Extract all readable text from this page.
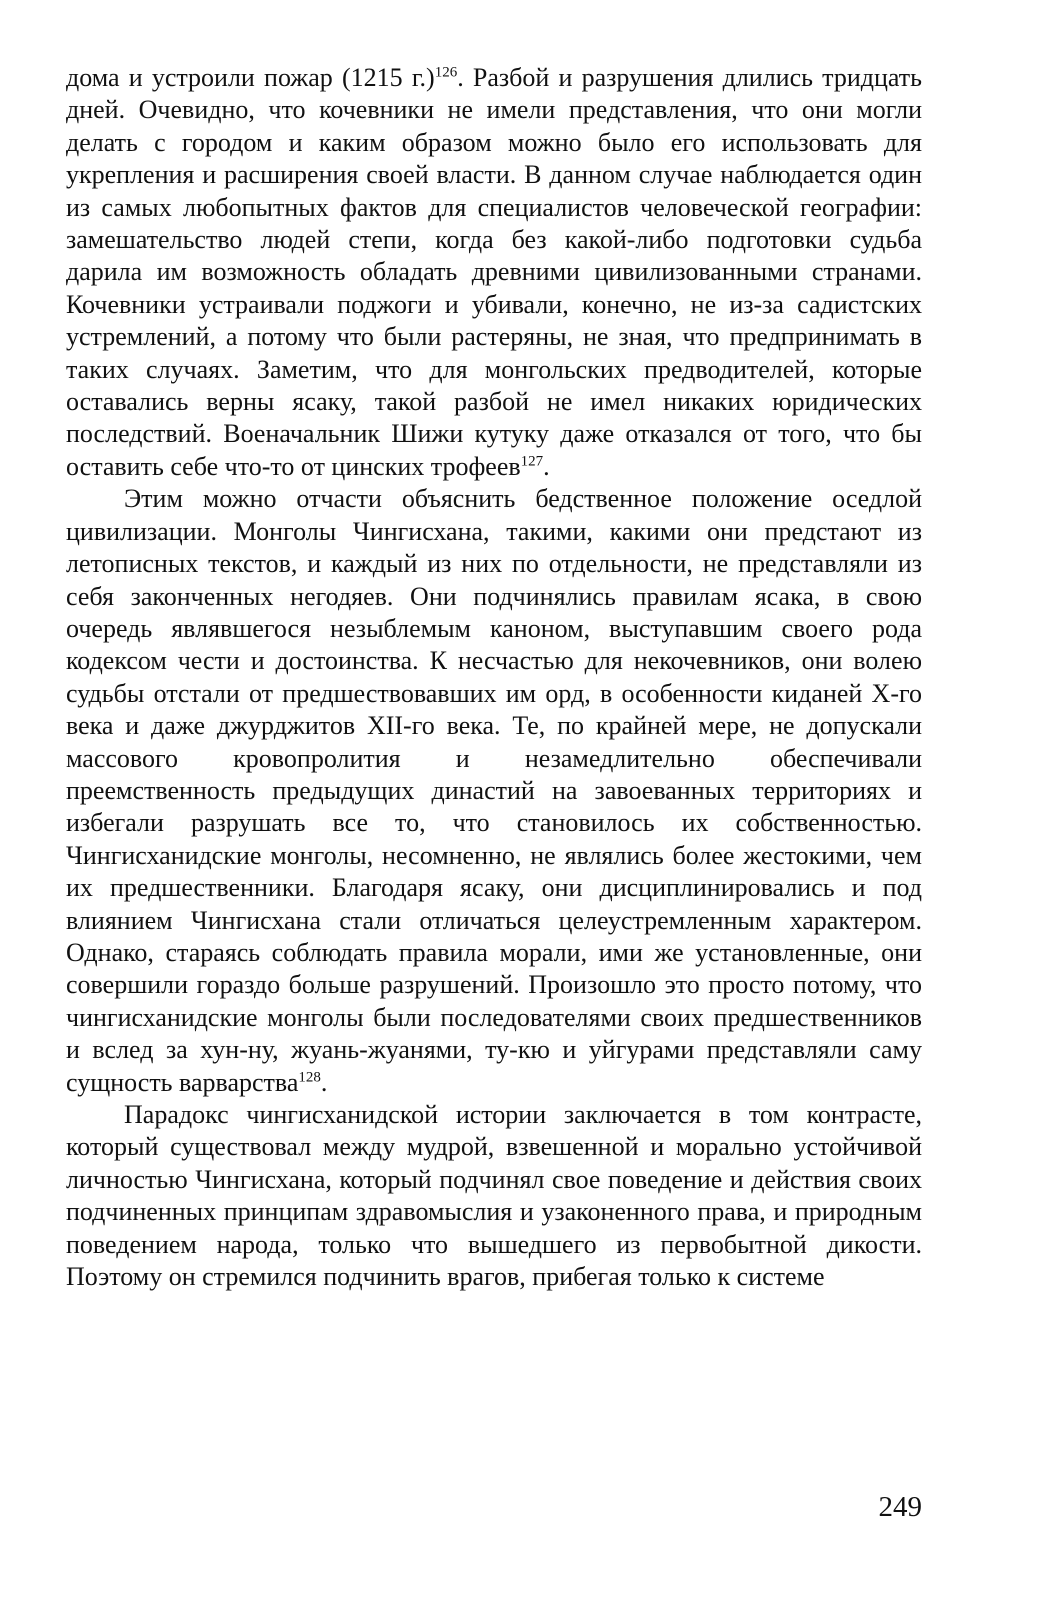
дома и устроили пожар (1215 г.)$^{126}$. Разбой и разрушения длились тридцать дней. Очевидно, что кочевники не имели представления, что они могли делать с городом и каким образом можно было его использовать для укрепления и расширения своей власти. В данном случае наблюдается один из самых любопытных фактов для специалистов человеческой географии: замешательство людей степи, когда без какой-либо подготовки судьба дарила им возможность обладать древними цивилизованными странами. Кочевники устраивали поджоги и убивали, конечно, не из-за садистских устремлений, а потому что были растеряны, не зная, что предпринимать в таких случаях. Заметим, что для монгольских предводителей, которые оставались верны ясаку, такой разбой не имел никаких юридических последствий. Военачальник Шижи кутуку даже отказался от того, что бы оставить себе что-то от цинских трофеев$^{127}$.

Этим можно отчасти объяснить бедственное положение оседлой цивилизации. Монголы Чингисхана, такими, какими они предстают из летописных текстов, и каждый из них по отдельности, не представляли из себя законченных негодяев. Они подчинялись правилам ясака, в свою очередь являвшегося незыблемым каноном, выступавшим своего рода кодексом чести и достоинства. К несчастью для некочевников, они волею судьбы отстали от предшествовавших им орд, в особенности киданей X-го века и даже джурджитов XII-го века. Те, по крайней мере, не допускали массового кровопролития и незамедлительно обеспечивали преемственность предыдущих династий на завоеванных территориях и избегали разрушать все то, что становилось их собственностью. Чингисханидские монголы, несомненно, не являлись более жестокими, чем их предшественники. Благодаря ясаку, они дисциплинировались и под влиянием Чингисхана стали отличаться целеустремленным характером. Однако, стараясь соблюдать правила морали, ими же установленные, они совершили гораздо больше разрушений. Произошло это просто потому, что чингисханидские монголы были последователями своих предшественников и вслед за хун-ну, жуань-жуанями, ту-кю и уйгурами представляли саму сущность варварства$^{128}$.

Парадокс чингисханидской истории заключается в том контрасте, который существовал между мудрой, взвешенной и морально устойчивой личностью Чингисхана, который подчинял свое поведение и действия своих подчиненных принципам здравомыслия и узаконенного права, и природным поведением народа, только что вышедшего из первобытной дикости. Поэтому он стремился подчинить врагов, прибегая только к системе

249
